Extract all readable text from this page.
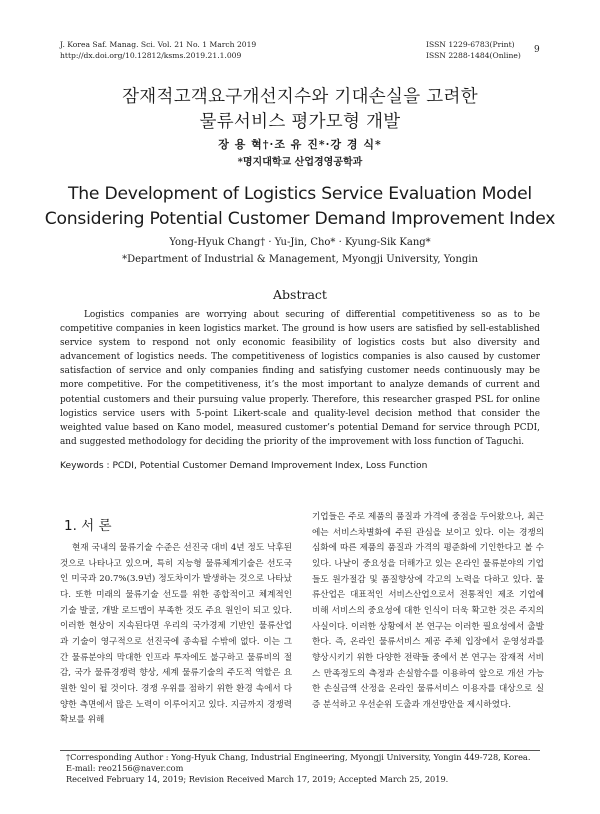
J. Korea Saf. Manag. Sci. Vol. 21 No. 1 March 2019
http://dx.doi.org/10.12812/ksms.2019.21.1.009
ISSN 1229-6783(Print)
ISSN 2288-1484(Online) 9
잠재적고객요구개선지수와 기대손실을 고려한
물류서비스 평가모형 개발
장 용 혁†·조 유 진*·강 경 식*
*명지대학교 산업경영공학과
The Development of Logistics Service Evaluation Model
Considering Potential Customer Demand Improvement Index
Yong-Hyuk Chang† · Yu-Jin, Cho* · Kyung-Sik Kang*
*Department of Industrial & Management, Myongji University, Yongin
Abstract
Logistics companies are worrying about securing of differential competitiveness so as to be competitive companies in keen logistics market. The ground is how users are satisfied by sell-established service system to respond not only economic feasibility of logistics costs but also diversity and advancement of logistics needs. The competitiveness of logistics companies is also caused by customer satisfaction of service and only companies finding and satisfying customer needs continuously may be more competitive. For the competitiveness, it’s the most important to analyze demands of current and potential customers and their pursuing value properly. Therefore, this researcher grasped PSL for online logistics service users with 5-point Likert-scale and quality-level decision method that consider the weighted value based on Kano model, measured customer’s potential Demand for service through PCDI, and suggested methodology for deciding the priority of the improvement with loss function of Taguchi.
Keywords : PCDI, Potential Customer Demand Improvement Index, Loss Function
1. 서 론
현재 국내의 물류기술 수준은 선진국 대비 4년 정도 낙후된 것으로 나타나고 있으며, 특히 지능형 물류체계기술은 선도국인 미국과 20.7%(3.9년) 정도차이가 발생하는 것으로 나타났다. 또한 미래의 물류기술 선도를 위한 종합적이고 체계적인 기술 발굴, 개발 로드맵이 부족한 것도 주요 원인이 되고 있다. 이러한 현상이 지속된다면 우리의 국가경제 기반인 물류산업과 기술이 영구적으로 선진국에 종속될 수밖에 없다. 이는 그간 물류분야의 막대한 인프라 투자에도 불구하고 물류비의 절감, 국가 물류경쟁력 향상, 세계 물류기술의 주도적 역할은 요원한 일이 될 것이다. 경쟁 우위를 점하기 위한 환경 속에서 다양한 측면에서 많은 노력이 이루어지고 있다. 지금까지 경쟁력 확보를 위해
기업들은 주로 제품의 품질과 가격에 중점을 두어왔으나, 최근에는 서비스차별화에 주된 관심을 보이고 있다. 이는 경쟁의 심화에 따른 제품의 품질과 가격의 평준화에 기인한다고 볼 수 있다. 나날이 중요성을 더해가고 있는 온라인 물류분야의 기업들도 원가절감 및 품질향상에 각고의 노력을 다하고 있다. 물류산업은 대표적인 서비스산업으로서 전통적인 제조 기업에 비해 서비스의 중요성에 대한 인식이 더욱 확고한 것은 주지의 사실이다. 이러한 상황에서 본 연구는 이러한 필요성에서 출발한다. 즉, 온라인 물류서비스 제공 주체 입장에서 운영성과를 향상시키기 위한 다양한 전략들 중에서 본 연구는 잠재적 서비스 만족정도의 측정과 손실함수를 이용하여 앞으로 개선 가능한 손실금액 산정을 온라인 물류서비스 이용자를 대상으로 실증 분석하고 우선순위 도출과 개선방안을 제시하였다.
†Corresponding Author : Yong-Hyuk Chang, Industrial Engineering, Myongji University, Yongin 449-728, Korea.
E-mail: reo2156@naver.com
Received February 14, 2019; Revision Received March 17, 2019; Accepted March 25, 2019.
